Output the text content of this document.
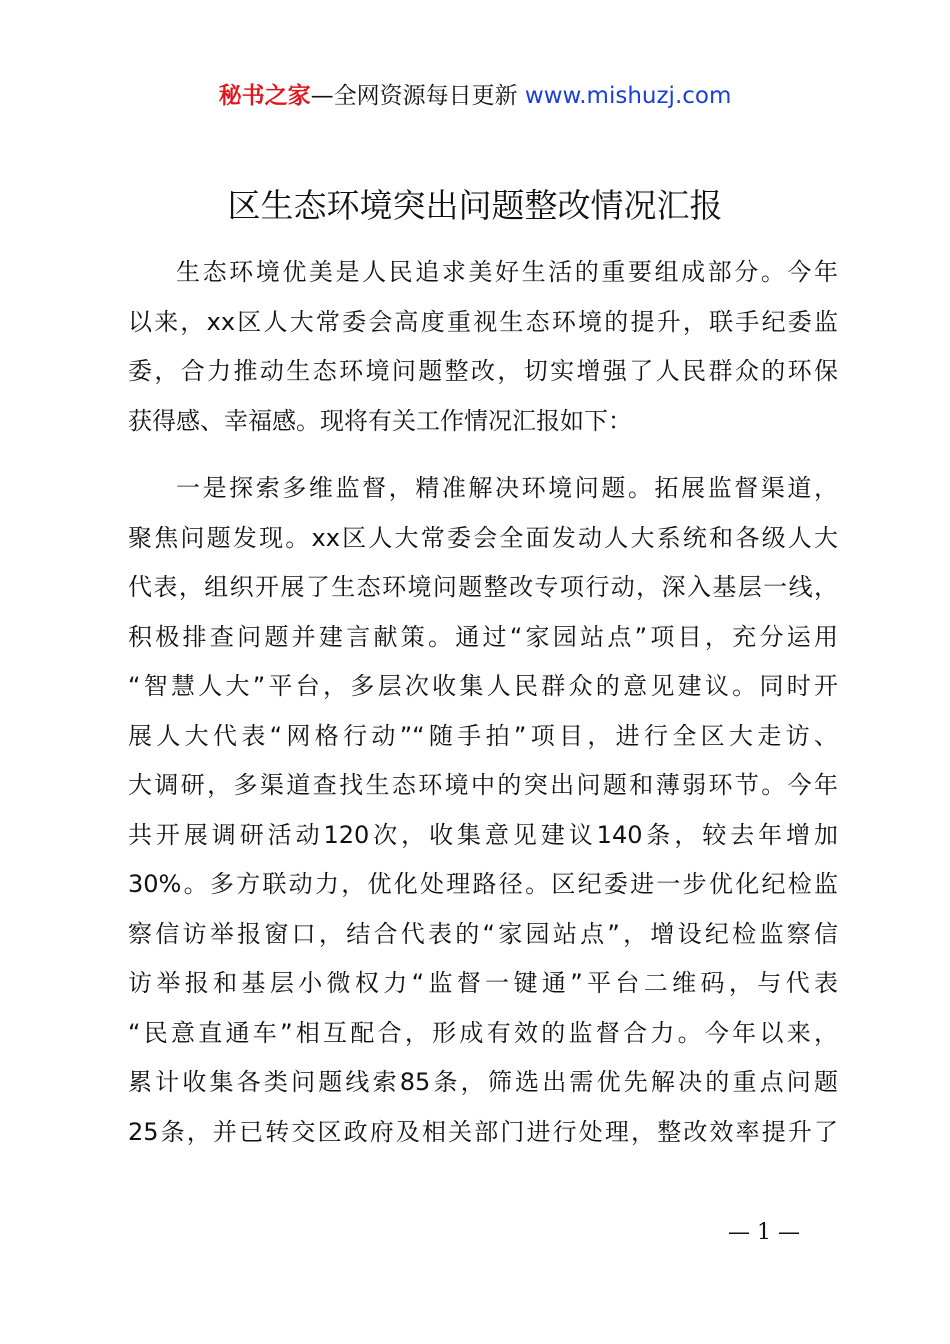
秘书之家—全网资源每日更新 www.mishuzj.com
区生态环境突出问题整改情况汇报

生态环境优美是人民追求美好生活的重要组成部分。今年
以来，xx区人大常委会高度重视生态环境的提升，联手纪委监
委，合力推动生态环境问题整改，切实增强了人民群众的环保
获得感、幸福感。现将有关工作情况汇报如下：

一是探索多维监督，精准解决环境问题。拓展监督渠道，
聚焦问题发现。xx区人大常委会全面发动人大系统和各级人大
代表，组织开展了生态环境问题整改专项行动，深入基层一线，
积极排查问题并建言献策。通过“家园站点”项目，充分运用
“智慧人大”平台，多层次收集人民群众的意见建议。同时开
展人大代表“网格行动”“随手拍”项目，进行全区大走访、
大调研，多渠道查找生态环境中的突出问题和薄弱环节。今年
共开展调研活动120次，收集意见建议140条，较去年增加
30%。多方联动力，优化处理路径。区纪委进一步优化纪检监
察信访举报窗口，结合代表的“家园站点”，增设纪检监察信
访举报和基层小微权力“监督一键通”平台二维码，与代表
“民意直通车”相互配合，形成有效的监督合力。今年以来，
累计收集各类问题线索85条，筛选出需优先解决的重点问题
25条，并已转交区政府及相关部门进行处理，整改效率提升了

— 1 —
